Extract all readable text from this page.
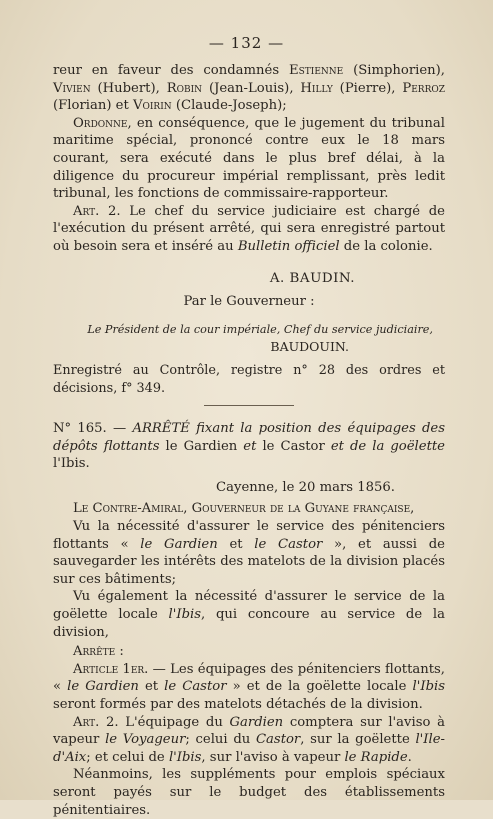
— 132 —

reur en faveur des condamnés Estienne (Simphorien), Vivien (Hubert), Robin (Jean-Louis), Hilly (Pierre), Perroz (Florian) et Voirin (Claude-Joseph);

Ordonne, en conséquence, que le jugement du tribunal maritime spécial, prononcé contre eux le 18 mars courant, sera exécuté dans le plus bref délai, à la diligence du procureur impérial remplissant, près ledit tribunal, les fonctions de commissaire-rapporteur.

Art. 2. Le chef du service judiciaire est chargé de l'exécution du présent arrêté, qui sera enregistré partout où besoin sera et inséré au Bulletin officiel de la colonie.

A. BAUDIN.

Par le Gouverneur :

Le Président de la cour impériale, Chef du service judiciaire,

BAUDOUIN.

Enregistré au Contrôle, registre n° 28 des ordres et décisions, f° 349.

N° 165. — ARRÊTÉ fixant la position des équipages des dépôts flottants le Gardien et le Castor et de la goëlette l'Ibis.

Cayenne, le 20 mars 1856.

Le Contre-Amiral, Gouverneur de la Guyane française,

Vu la nécessité d'assurer le service des pénitenciers flottants « le Gardien et le Castor », et aussi de sauvegarder les intérêts des matelots de la division placés sur ces bâtiments;

Vu également la nécessité d'assurer le service de la goëlette locale l'Ibis, qui concoure au service de la division,

Arrête :

Article 1er. — Les équipages des pénitenciers flottants, « le Gardien et le Castor » et de la goëlette locale l'Ibis seront formés par des matelots détachés de la division.

Art. 2. L'équipage du Gardien comptera sur l'aviso à vapeur le Voyageur; celui du Castor, sur la goëlette l'Ile-d'Aix; et celui de l'Ibis, sur l'aviso à vapeur le Rapide.

Néanmoins, les suppléments pour emplois spéciaux seront payés sur le budget des établissements pénitentiaires.
